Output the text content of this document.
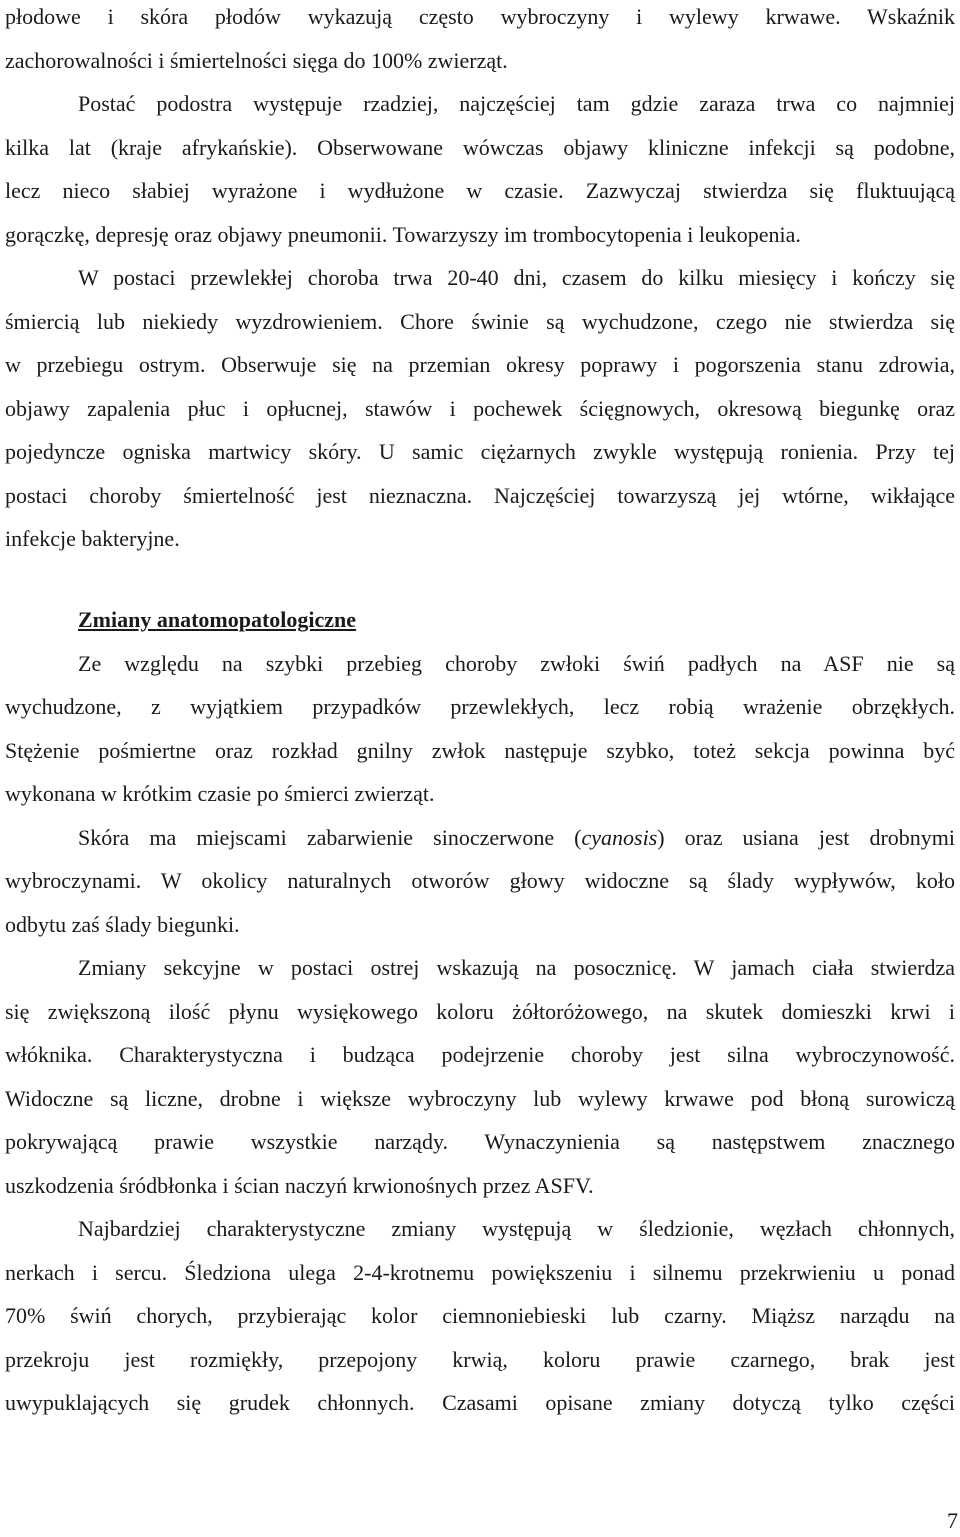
płodowe i skóra płodów wykazują często wybroczyny i wylewy krwawe. Wskaźnik
zachorowalności i śmiertelności sięga do 100% zwierząt.
Postać podostra występuje rzadziej, najczęściej tam gdzie zaraza trwa co najmniej
kilka lat (kraje afrykańskie). Obserwowane wówczas objawy kliniczne infekcji są podobne,
lecz nieco słabiej wyrażone i wydłużone w czasie. Zazwyczaj stwierdza się fluktuującą
gorączkę, depresję oraz objawy pneumonii. Towarzyszy im trombocytopenia i leukopenia.
W postaci przewlekłej choroba trwa 20-40 dni, czasem do kilku miesięcy i kończy się
śmiercią lub niekiedy wyzdrowieniem. Chore świnie są wychudzone, czego nie stwierdza się
w przebiegu ostrym. Obserwuje się na przemian okresy poprawy i pogorszenia stanu zdrowia,
objawy zapalenia płuc i opłucnej, stawów i pochewek ścięgnowych, okresową biegunkę oraz
pojedyncze ogniska martwicy skóry. U samic ciężarnych zwykle występują ronienia. Przy tej
postaci choroby śmiertelność jest nieznaczna. Najczęściej towarzyszą jej wtórne, wikłające
infekcje bakteryjne.
Zmiany anatomopatologiczne
Ze względu na szybki przebieg choroby zwłoki świń padłych na ASF nie są
wychudzone, z wyjątkiem przypadków przewlekłych, lecz robią wrażenie obrzękłych.
Stężenie pośmiertne oraz rozkład gnilny zwłok następuje szybko, toteż sekcja powinna być
wykonana w krótkim czasie po śmierci zwierząt.
Skóra ma miejscami zabarwienie sinoczerwone (cyanosis) oraz usiana jest drobnymi
wybroczynami. W okolicy naturalnych otworów głowy widoczne są ślady wypływów, koło
odbytu zaś ślady biegunki.
Zmiany sekcyjne w postaci ostrej wskazują na posocznicę. W jamach ciała stwierdza
się zwiększoną ilość płynu wysiękowego koloru żółtoróżowego, na skutek domieszki krwi i
włóknika. Charakterystyczna i budząca podejrzenie choroby jest silna wybroczynowość.
Widoczne są liczne, drobne i większe wybroczyny lub wylewy krwawe pod błoną surowiczą
pokrywającą prawie wszystkie narządy. Wynaczynienia są następstwem znacznego
uszkodzenia śródbłonka i ścian naczyń krwionośnych przez ASFV.
Najbardziej charakterystyczne zmiany występują w śledzionie, węzłach chłonnych,
nerkach i sercu. Śledziona ulega 2-4-krotnemu powiększeniu i silnemu przekrwieniu u ponad
70% świń chorych, przybierając kolor ciemnoniebieski lub czarny. Miąższ narządu na
przekroju jest rozmiękły, przepojony krwią, koloru prawie czarnego, brak jest
uwypuklających się grudek chłonnych. Czasami opisane zmiany dotyczą tylko części
7
